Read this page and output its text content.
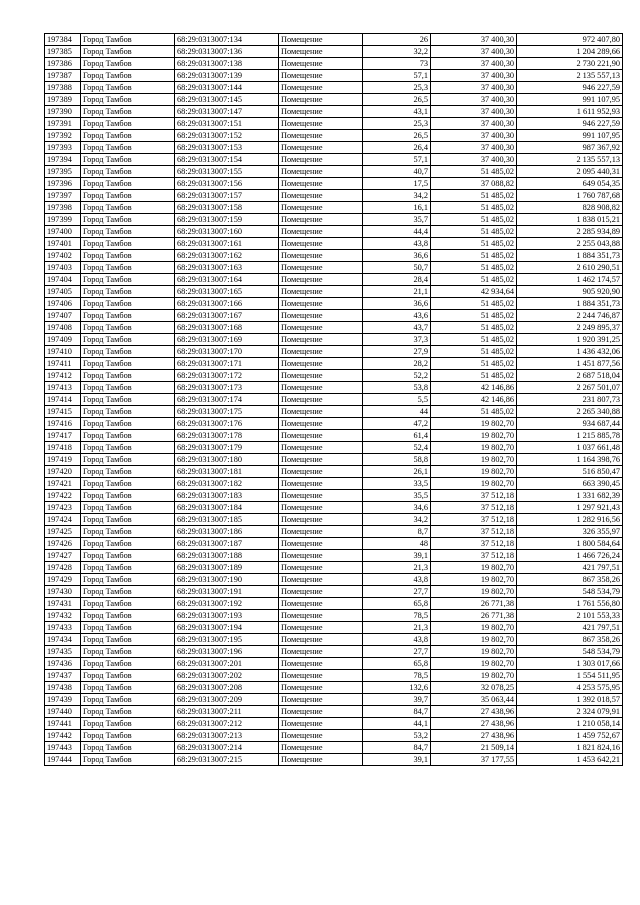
197384	Город Тамбов	68:29:0313007:134	Помещение	26	37 400,30	972 407,80
197385	Город Тамбов	68:29:0313007:136	Помещение	32,2	37 400,30	1 204 289,66
197386	Город Тамбов	68:29:0313007:138	Помещение	73	37 400,30	2 730 221,90
197387	Город Тамбов	68:29:0313007:139	Помещение	57,1	37 400,30	2 135 557,13
197388	Город Тамбов	68:29:0313007:144	Помещение	25,3	37 400,30	946 227,59
197389	Город Тамбов	68:29:0313007:145	Помещение	26,5	37 400,30	991 107,95
197390	Город Тамбов	68:29:0313007:147	Помещение	43,1	37 400,30	1 611 952,93
197391	Город Тамбов	68:29:0313007:151	Помещение	25,3	37 400,30	946 227,59
197392	Город Тамбов	68:29:0313007:152	Помещение	26,5	37 400,30	991 107,95
197393	Город Тамбов	68:29:0313007:153	Помещение	26,4	37 400,30	987 367,92
197394	Город Тамбов	68:29:0313007:154	Помещение	57,1	37 400,30	2 135 557,13
197395	Город Тамбов	68:29:0313007:155	Помещение	40,7	51 485,02	2 095 440,31
197396	Город Тамбов	68:29:0313007:156	Помещение	17,5	37 088,82	649 054,35
197397	Город Тамбов	68:29:0313007:157	Помещение	34,2	51 485,02	1 760 787,68
197398	Город Тамбов	68:29:0313007:158	Помещение	16,1	51 485,02	828 908,82
197399	Город Тамбов	68:29:0313007:159	Помещение	35,7	51 485,02	1 838 015,21
197400	Город Тамбов	68:29:0313007:160	Помещение	44,4	51 485,02	2 285 934,89
197401	Город Тамбов	68:29:0313007:161	Помещение	43,8	51 485,02	2 255 043,88
197402	Город Тамбов	68:29:0313007:162	Помещение	36,6	51 485,02	1 884 351,73
197403	Город Тамбов	68:29:0313007:163	Помещение	50,7	51 485,02	2 610 290,51
197404	Город Тамбов	68:29:0313007:164	Помещение	28,4	51 485,02	1 462 174,57
197405	Город Тамбов	68:29:0313007:165	Помещение	21,1	42 934,64	905 920,90
197406	Город Тамбов	68:29:0313007:166	Помещение	36,6	51 485,02	1 884 351,73
197407	Город Тамбов	68:29:0313007:167	Помещение	43,6	51 485,02	2 244 746,87
197408	Город Тамбов	68:29:0313007:168	Помещение	43,7	51 485,02	2 249 895,37
197409	Город Тамбов	68:29:0313007:169	Помещение	37,3	51 485,02	1 920 391,25
197410	Город Тамбов	68:29:0313007:170	Помещение	27,9	51 485,02	1 436 432,06
197411	Город Тамбов	68:29:0313007:171	Помещение	28,2	51 485,02	1 451 877,56
197412	Город Тамбов	68:29:0313007:172	Помещение	52,2	51 485,02	2 687 518,04
197413	Город Тамбов	68:29:0313007:173	Помещение	53,8	42 146,86	2 267 501,07
197414	Город Тамбов	68:29:0313007:174	Помещение	5,5	42 146,86	231 807,73
197415	Город Тамбов	68:29:0313007:175	Помещение	44	51 485,02	2 265 340,88
197416	Город Тамбов	68:29:0313007:176	Помещение	47,2	19 802,70	934 687,44
197417	Город Тамбов	68:29:0313007:178	Помещение	61,4	19 802,70	1 215 885,78
197418	Город Тамбов	68:29:0313007:179	Помещение	52,4	19 802,70	1 037 661,48
197419	Город Тамбов	68:29:0313007:180	Помещение	58,8	19 802,70	1 164 398,76
197420	Город Тамбов	68:29:0313007:181	Помещение	26,1	19 802,70	516 850,47
197421	Город Тамбов	68:29:0313007:182	Помещение	33,5	19 802,70	663 390,45
197422	Город Тамбов	68:29:0313007:183	Помещение	35,5	37 512,18	1 331 682,39
197423	Город Тамбов	68:29:0313007:184	Помещение	34,6	37 512,18	1 297 921,43
197424	Город Тамбов	68:29:0313007:185	Помещение	34,2	37 512,18	1 282 916,56
197425	Город Тамбов	68:29:0313007:186	Помещение	8,7	37 512,18	326 355,97
197426	Город Тамбов	68:29:0313007:187	Помещение	48	37 512,18	1 800 584,64
197427	Город Тамбов	68:29:0313007:188	Помещение	39,1	37 512,18	1 466 726,24
197428	Город Тамбов	68:29:0313007:189	Помещение	21,3	19 802,70	421 797,51
197429	Город Тамбов	68:29:0313007:190	Помещение	43,8	19 802,70	867 358,26
197430	Город Тамбов	68:29:0313007:191	Помещение	27,7	19 802,70	548 534,79
197431	Город Тамбов	68:29:0313007:192	Помещение	65,8	26 771,38	1 761 556,80
197432	Город Тамбов	68:29:0313007:193	Помещение	78,5	26 771,38	2 101 553,33
197433	Город Тамбов	68:29:0313007:194	Помещение	21,3	19 802,70	421 797,51
197434	Город Тамбов	68:29:0313007:195	Помещение	43,8	19 802,70	867 358,26
197435	Город Тамбов	68:29:0313007:196	Помещение	27,7	19 802,70	548 534,79
197436	Город Тамбов	68:29:0313007:201	Помещение	65,8	19 802,70	1 303 017,66
197437	Город Тамбов	68:29:0313007:202	Помещение	78,5	19 802,70	1 554 511,95
197438	Город Тамбов	68:29:0313007:208	Помещение	132,6	32 078,25	4 253 575,95
197439	Город Тамбов	68:29:0313007:209	Помещение	39,7	35 063,44	1 392 018,57
197440	Город Тамбов	68:29:0313007:211	Помещение	84,7	27 438,96	2 324 079,91
197441	Город Тамбов	68:29:0313007:212	Помещение	44,1	27 438,96	1 210 058,14
197442	Город Тамбов	68:29:0313007:213	Помещение	53,2	27 438,96	1 459 752,67
197443	Город Тамбов	68:29:0313007:214	Помещение	84,7	21 509,14	1 821 824,16
197444	Город Тамбов	68:29:0313007:215	Помещение	39,1	37 177,55	1 453 642,21
